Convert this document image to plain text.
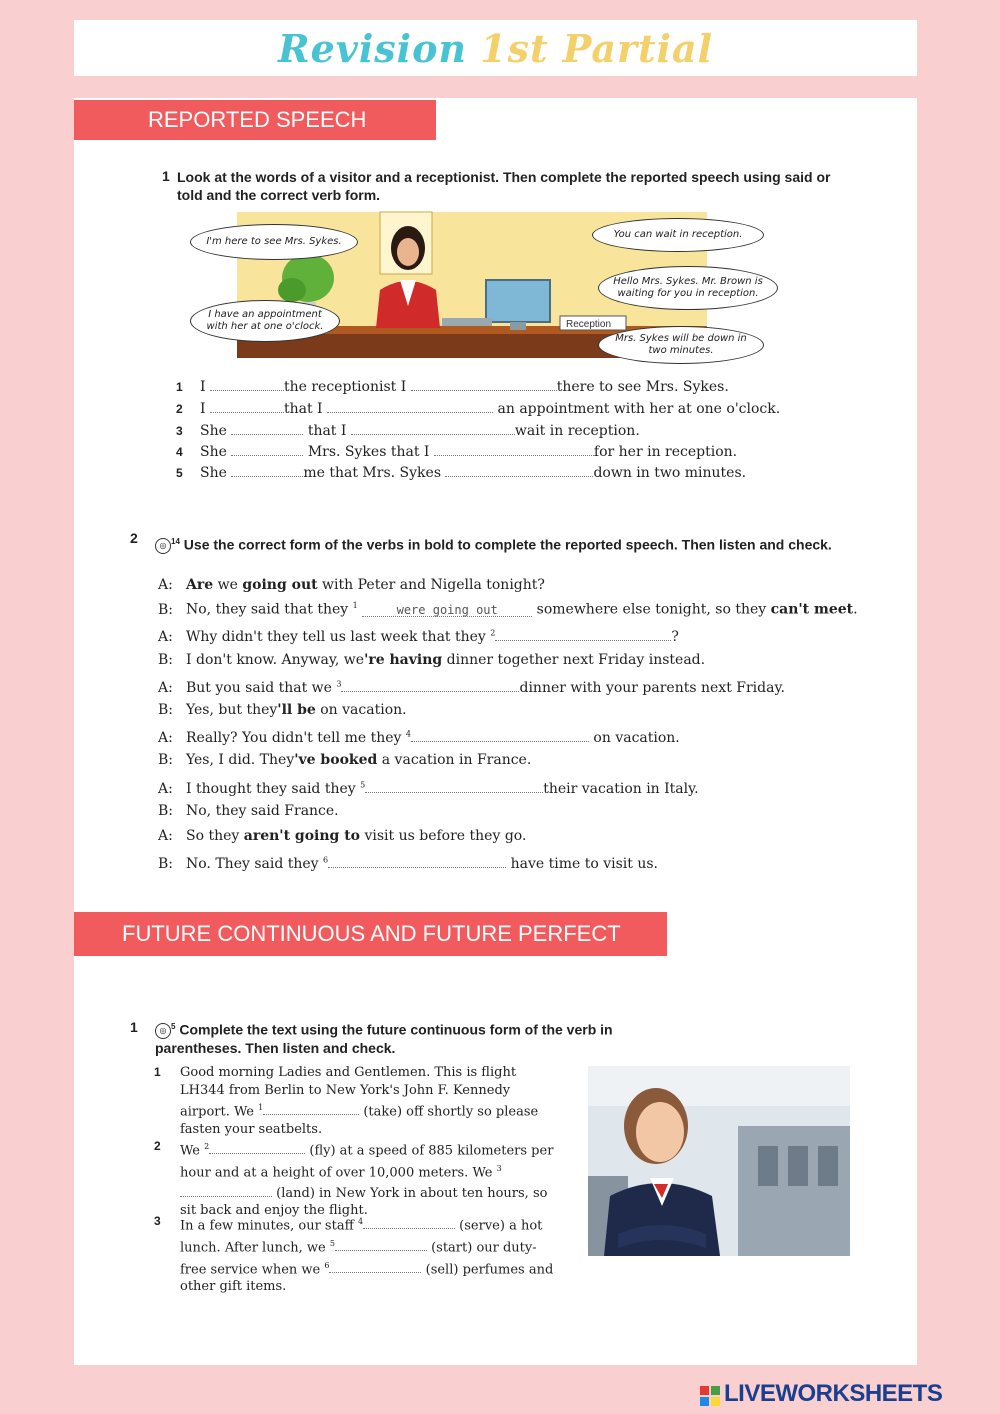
Revision 1st Partial
REPORTED SPEECH
1 Look at the words of a visitor and a receptionist. Then complete the reported speech using said or told and the correct verb form.
Reception
I'm here to see Mrs. Sykes.
You can wait in reception.
Hello Mrs. Sykes. Mr. Brown is waiting for you in reception.
I have an appointment with her at one o'clock.
Mrs. Sykes will be down in two minutes.
1 I	the receptionist I	there to see Mrs. Sykes.
2 I	that I	an appointment with her at one o'clock.
3 She	that I	wait in reception.
4 She	Mrs. Sykes that I	for her in reception.
5 She	me that Mrs. Sykes	down in two minutes.
2	◎ $^{14}$ Use the correct form of the verbs in bold to complete the reported speech. Then listen and check.
A: Are we going out with Peter and Nigella tonight?
B: No, they said that they $^1$	were going out	somewhere else tonight, so they can't meet.
A: Why didn't they tell us last week that they $^2$	?
B: I don't know. Anyway, we're having dinner together next Friday instead.
A: But you said that we $^3$	dinner with your parents next Friday.
B: Yes, but they'll be on vacation.
A: Really? You didn't tell me they $^4$	on vacation.
B: Yes, I did. They've booked a vacation in France.
A: I thought they said they $^5$	their vacation in Italy.
B: No, they said France.
A: So they aren't going to visit us before they go.
B: No. They said they $^6$	have time to visit us.
FUTURE CONTINUOUS AND FUTURE PERFECT
1	◎ $^5$ Complete the text using the future continuous form of the verb in parentheses. Then listen and check.
1 Good morning Ladies and Gentlemen. This is flight LH344 from Berlin to New York's John F. Kennedy airport. We $^1$	(take) off shortly so please fasten your seatbelts.
2 We $^2$	(fly) at a speed of 885 kilometers per hour and at a height of over 10,000 meters. We $^3$ (land) in New York in about ten hours, so sit back and enjoy the flight.
3 In a few minutes, our staff $^4$	(serve) a hot lunch. After lunch, we $^5$	(start) our duty-free service when we $^6$	(sell) perfumes and other gift items.
LIVEWORKSHEETS
